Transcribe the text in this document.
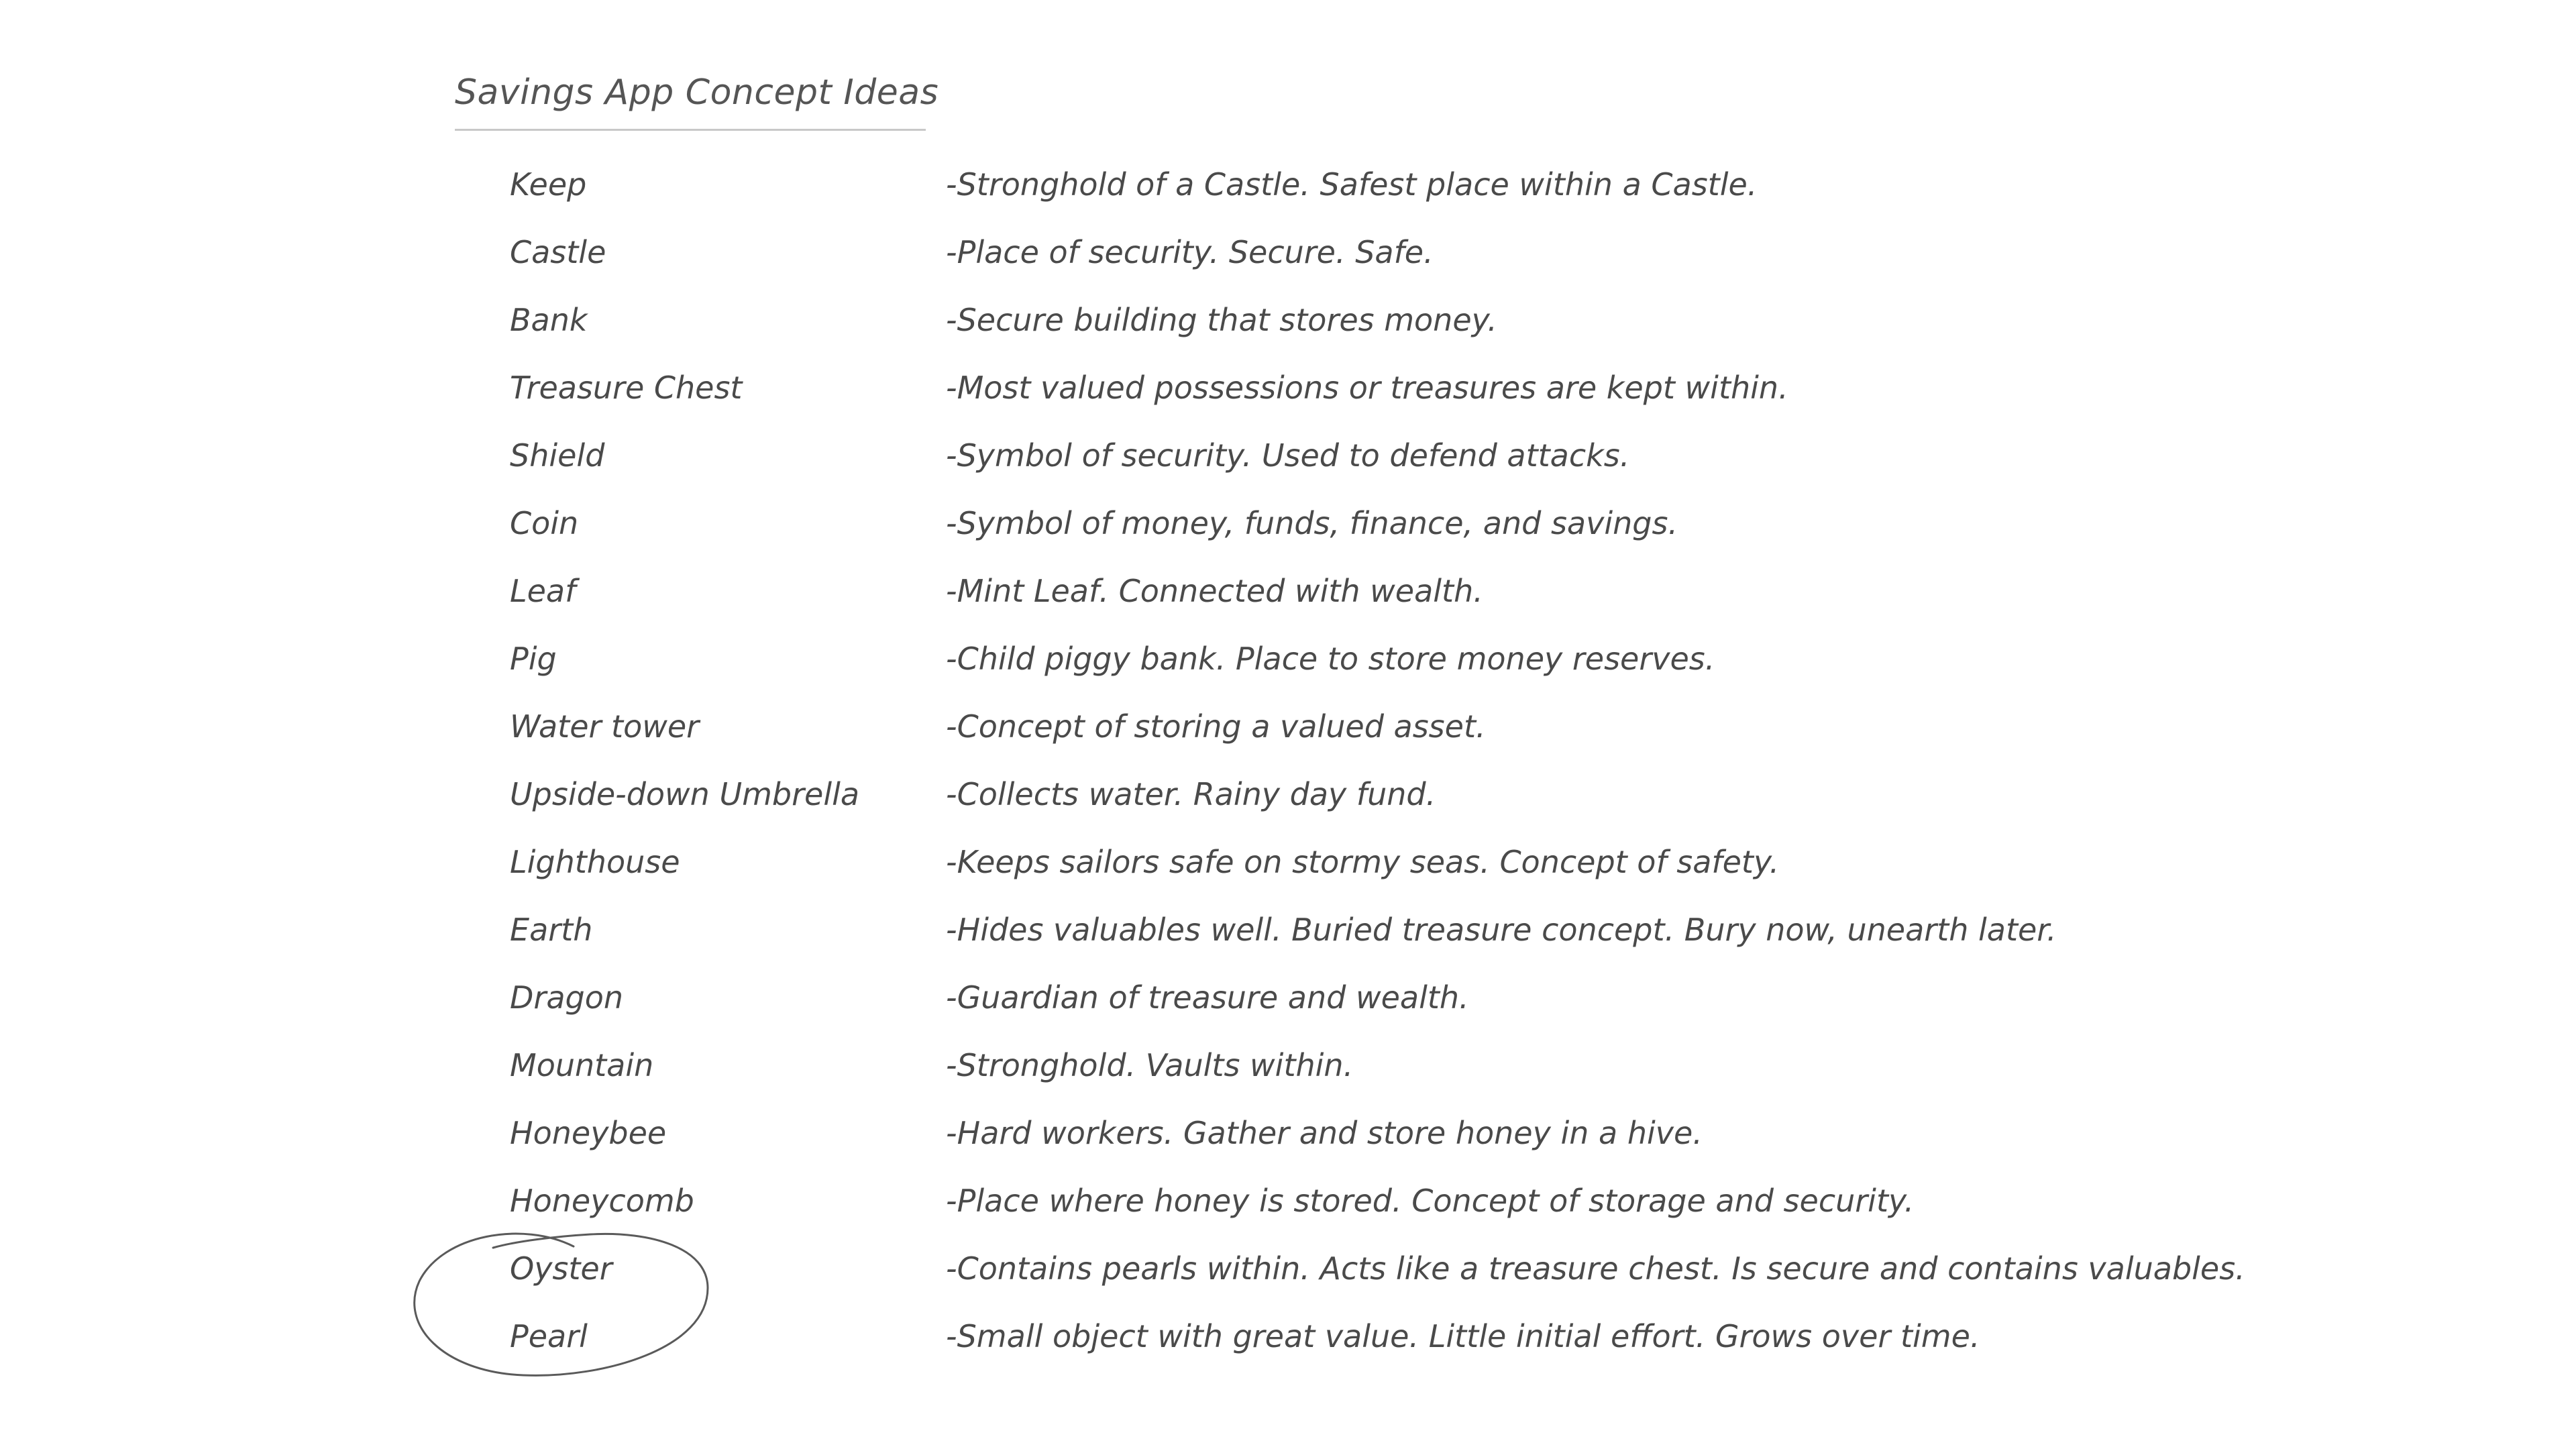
Savings App Concept Ideas
Keep	-Stronghold of a Castle. Safest place within a Castle.
Castle	-Place of security. Secure. Safe.
Bank	-Secure building that stores money.
Treasure Chest	-Most valued possessions or treasures are kept within.
Shield	-Symbol of security. Used to defend attacks.
Coin	-Symbol of money, funds, finance, and savings.
Leaf	-Mint Leaf. Connected with wealth.
Pig	-Child piggy bank. Place to store money reserves.
Water tower	-Concept of storing a valued asset.
Upside-down Umbrella	-Collects water. Rainy day fund.
Lighthouse	-Keeps sailors safe on stormy seas. Concept of safety.
Earth	-Hides valuables well. Buried treasure concept. Bury now, unearth later.
Dragon	-Guardian of treasure and wealth.
Mountain	-Stronghold. Vaults within.
Honeybee	-Hard workers. Gather and store honey in a hive.
Honeycomb	-Place where honey is stored. Concept of storage and security.
Oyster	-Contains pearls within. Acts like a treasure chest. Is secure and contains valuables.
Pearl	-Small object with great value. Little initial effort. Grows over time.
